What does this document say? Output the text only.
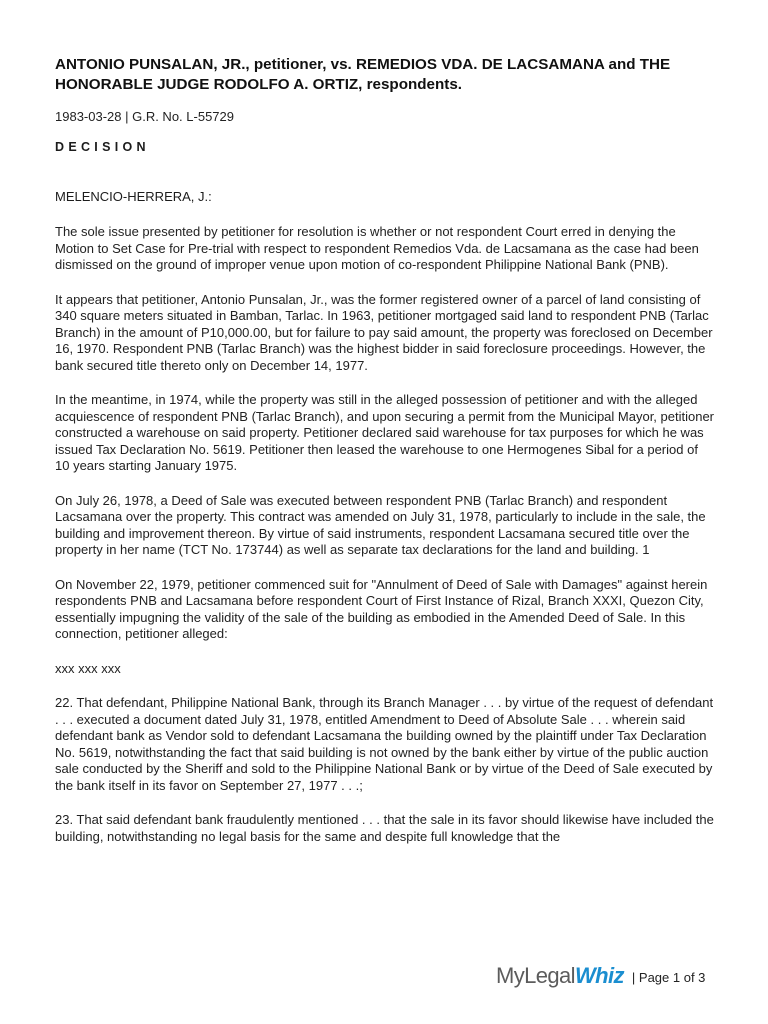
ANTONIO PUNSALAN, JR., petitioner, vs. REMEDIOS VDA. DE LACSAMANA and THE HONORABLE JUDGE RODOLFO A. ORTIZ, respondents.
1983-03-28 | G.R. No. L-55729
DECISION
MELENCIO-HERRERA, J.:
The sole issue presented by petitioner for resolution is whether or not respondent Court erred in denying the Motion to Set Case for Pre-trial with respect to respondent Remedios Vda. de Lacsamana as the case had been dismissed on the ground of improper venue upon motion of co-respondent Philippine National Bank (PNB).
It appears that petitioner, Antonio Punsalan, Jr., was the former registered owner of a parcel of land consisting of 340 square meters situated in Bamban, Tarlac. In 1963, petitioner mortgaged said land to respondent PNB (Tarlac Branch) in the amount of P10,000.00, but for failure to pay said amount, the property was foreclosed on December 16, 1970. Respondent PNB (Tarlac Branch) was the highest bidder in said foreclosure proceedings. However, the bank secured title thereto only on December 14, 1977.
In the meantime, in 1974, while the property was still in the alleged possession of petitioner and with the alleged acquiescence of respondent PNB (Tarlac Branch), and upon securing a permit from the Municipal Mayor, petitioner constructed a warehouse on said property. Petitioner declared said warehouse for tax purposes for which he was issued Tax Declaration No. 5619. Petitioner then leased the warehouse to one Hermogenes Sibal for a period of 10 years starting January 1975.
On July 26, 1978, a Deed of Sale was executed between respondent PNB (Tarlac Branch) and respondent Lacsamana over the property. This contract was amended on July 31, 1978, particularly to include in the sale, the building and improvement thereon. By virtue of said instruments, respondent Lacsamana secured title over the property in her name (TCT No. 173744) as well as separate tax declarations for the land and building. 1
On November 22, 1979, petitioner commenced suit for "Annulment of Deed of Sale with Damages" against herein respondents PNB and Lacsamana before respondent Court of First Instance of Rizal, Branch XXXI, Quezon City, essentially impugning the validity of the sale of the building as embodied in the Amended Deed of Sale. In this connection, petitioner alleged:
xxx xxx xxx
22. That defendant, Philippine National Bank, through its Branch Manager . . . by virtue of the request of defendant . . . executed a document dated July 31, 1978, entitled Amendment to Deed of Absolute Sale . . . wherein said defendant bank as Vendor sold to defendant Lacsamana the building owned by the plaintiff under Tax Declaration No. 5619, notwithstanding the fact that said building is not owned by the bank either by virtue of the public auction sale conducted by the Sheriff and sold to the Philippine National Bank or by virtue of the Deed of Sale executed by the bank itself in its favor on September 27, 1977 . . .;
23. That said defendant bank fraudulently mentioned . . . that the sale in its favor should likewise have included the building, notwithstanding no legal basis for the same and despite full knowledge that the
My Legal Whiz | Page 1 of 3
